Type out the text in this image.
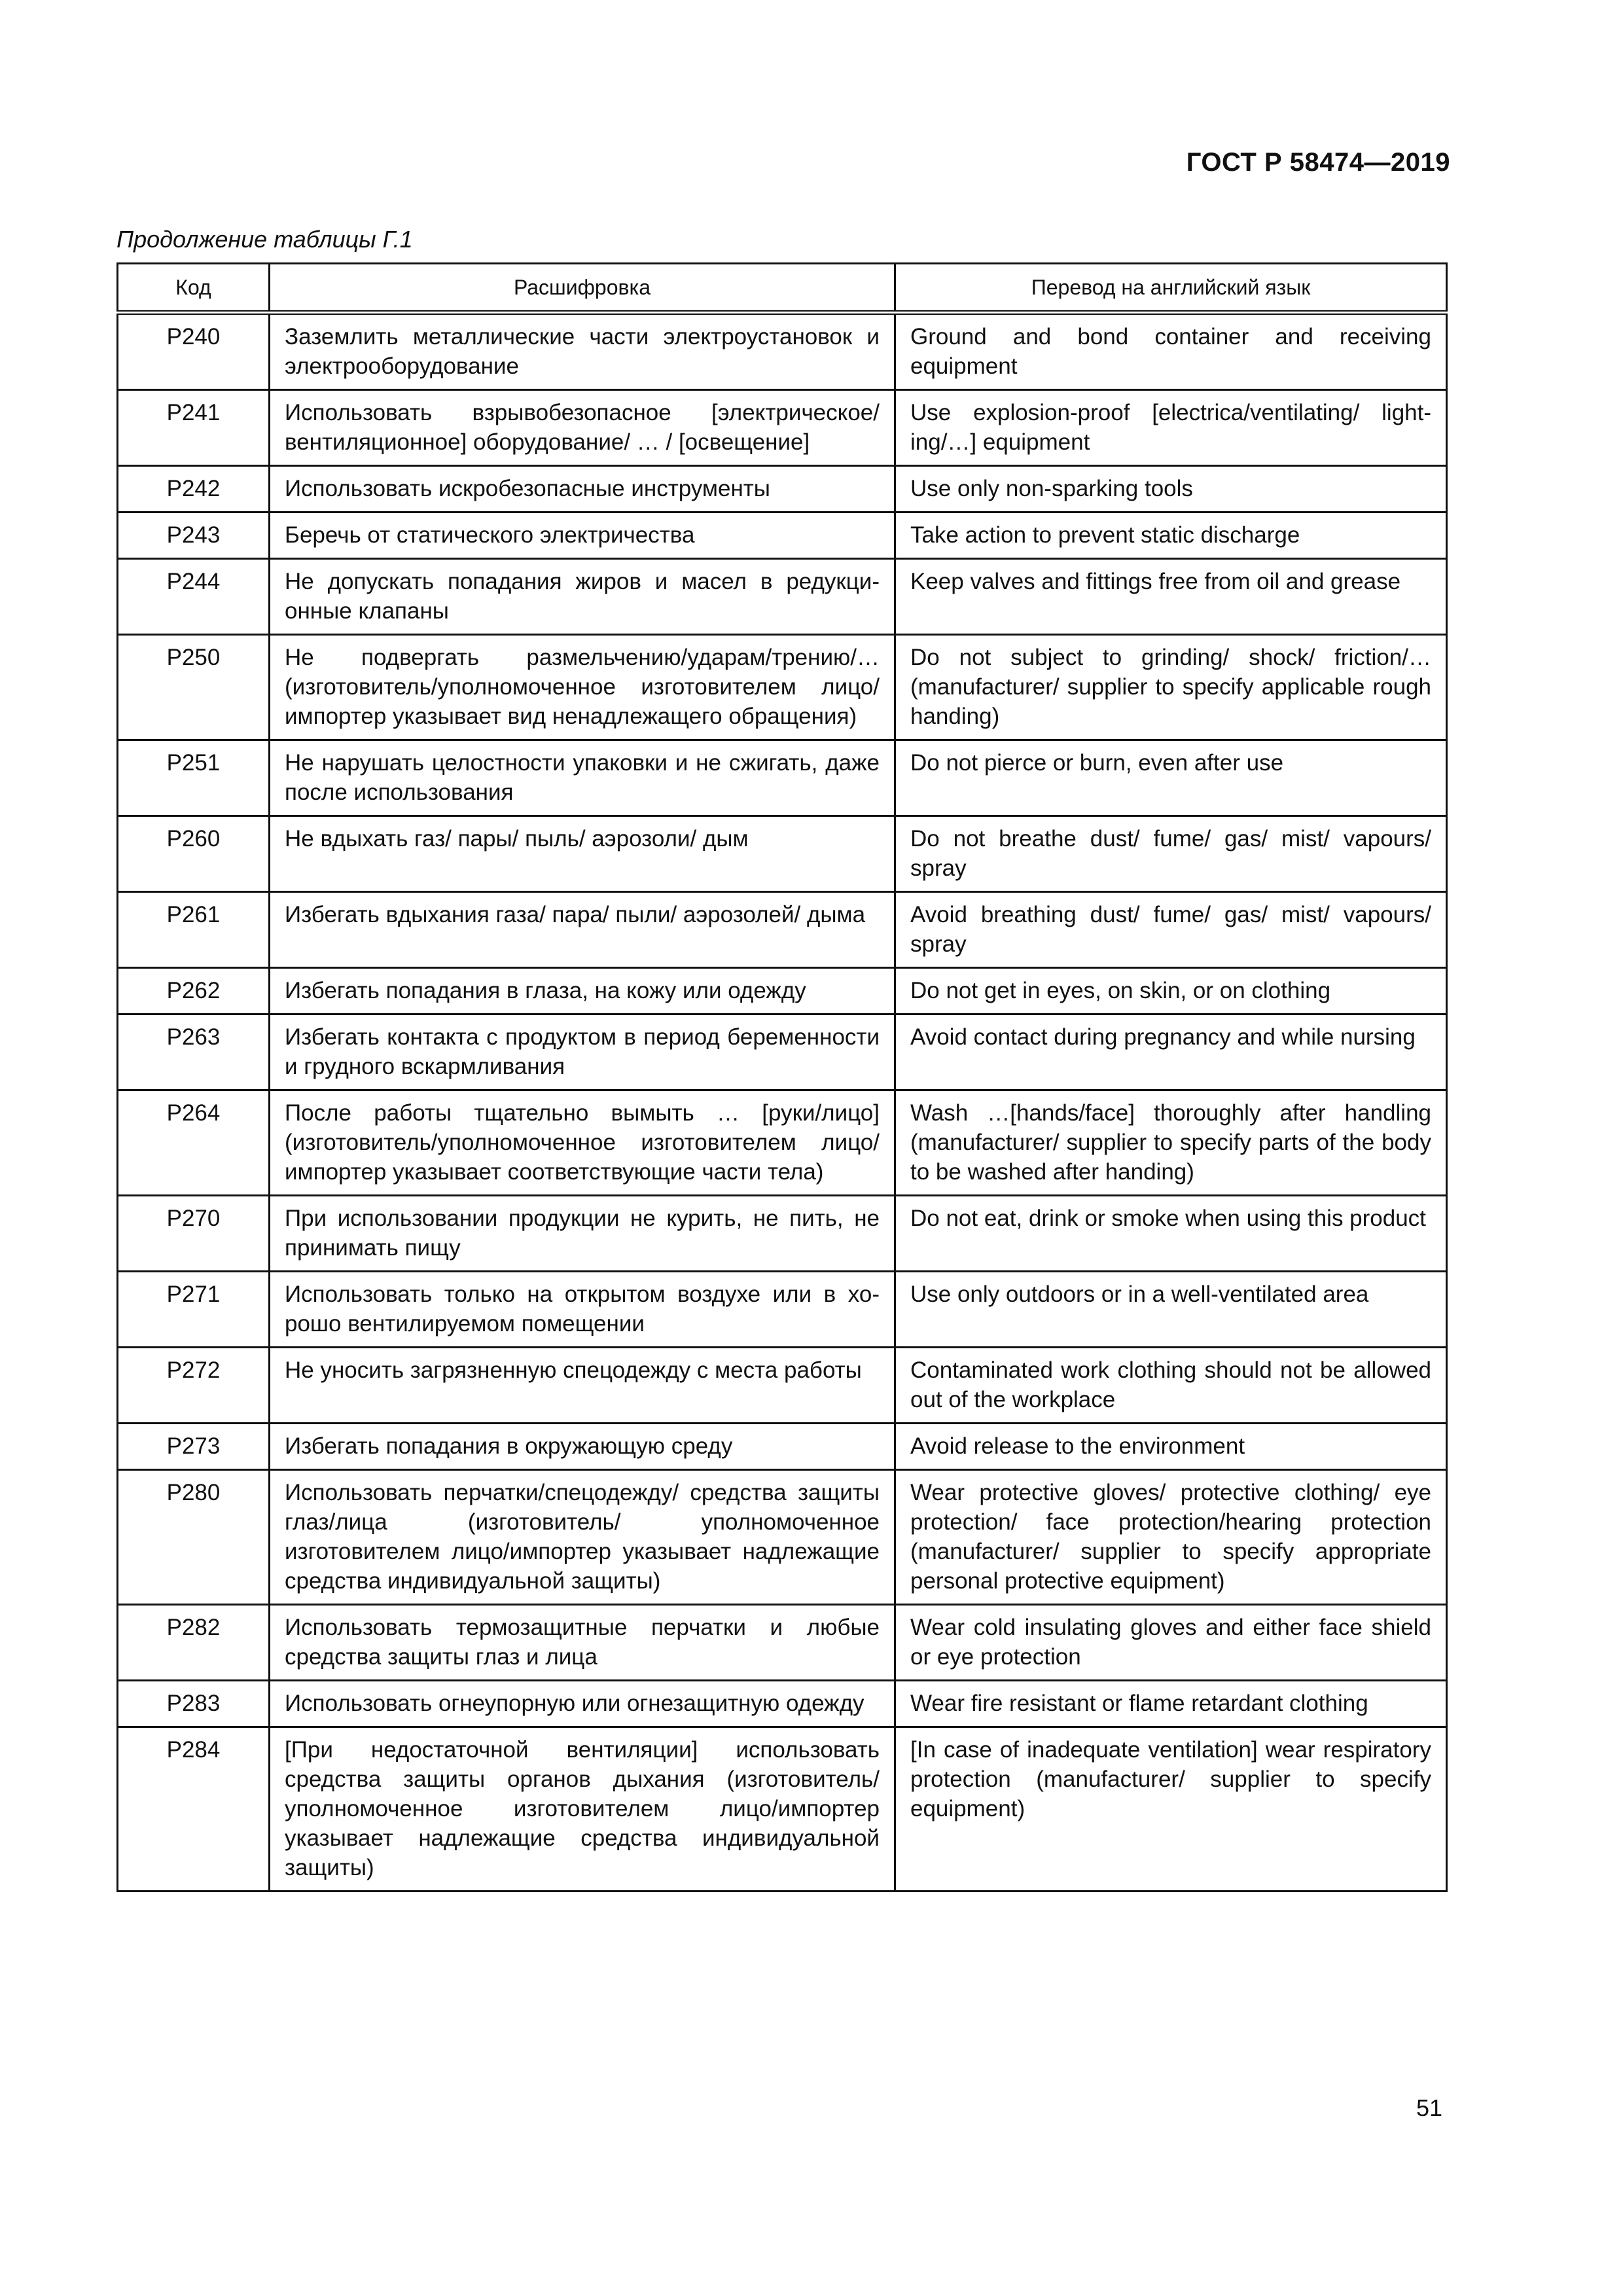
ГОСТ Р 58474—2019
Продолжение таблицы Г.1
Код	Расшифровка	Перевод на английский язык
Р240	Заземлить металлические части электроустановок и электрооборудование	Ground and bond container and receiving equipment
Р241	Использовать взрывобезопасное [электрическое/ вентиляционное] оборудование/ … / [освещение]	Use explosion-proof [electrica/ventilating/ lighting/…] equipment
Р242	Использовать искробезопасные инструменты	Use only non-sparking tools
Р243	Беречь от статического электричества	Take action to prevent static discharge
Р244	Не допускать попадания жиров и масел в редукционные клапаны	Keep valves and fittings free from oil and grease
Р250	Не подвергать размельчению/ударам/трению/… (изготовитель/уполномоченное изготовителем лицо/импортер указывает вид ненадлежащего обращения)	Do not subject to grinding/ shock/ friction/… (manufacturer/ supplier to specify applicable rough handing)
Р251	Не нарушать целостности упаковки и не сжигать, даже после использования	Do not pierce or burn, even after use
Р260	Не вдыхать газ/ пары/ пыль/ аэрозоли/ дым	Do not breathe dust/ fume/ gas/ mist/ vapours/ spray
Р261	Избегать вдыхания газа/ пара/ пыли/ аэрозолей/ дыма	Avoid breathing dust/ fume/ gas/ mist/ vapours/ spray
Р262	Избегать попадания в глаза, на кожу или одежду	Do not get in eyes, on skin, or on clothing
Р263	Избегать контакта с продуктом в период беременности и грудного вскармливания	Avoid contact during pregnancy and while nursing
Р264	После работы тщательно вымыть … [руки/лицо] (изготовитель/уполномоченное изготовителем лицо/импортер указывает соответствующие части тела)	Wash …[hands/face] thoroughly after handling (manufacturer/ supplier to specify parts of the body to be washed after handing)
Р270	При использовании продукции не курить, не пить, не принимать пищу	Do not eat, drink or smoke when using this product
Р271	Использовать только на открытом воздухе или в хорошо вентилируемом помещении	Use only outdoors or in a well-ventilated area
Р272	Не уносить загрязненную спецодежду с места работы	Contaminated work clothing should not be allowed out of the workplace
Р273	Избегать попадания в окружающую среду	Avoid release to the environment
Р280	Использовать перчатки/спецодежду/ средства защиты глаз/лица (изготовитель/ уполномоченное изготовителем лицо/импортер указывает надлежащие средства индивидуальной защиты)	Wear protective gloves/ protective clothing/ eye protection/ face protection/hearing protection (manufacturer/ supplier to specify appropriate personal protective equipment)
Р282	Использовать термозащитные перчатки и любые средства защиты глаз и лица	Wear cold insulating gloves and either face shield or eye protection
Р283	Использовать огнеупорную или огнезащитную одежду	Wear fire resistant or flame retardant clothing
Р284	[При недостаточной вентиляции] использовать средства защиты органов дыхания (изготовитель/ уполномоченное изготовителем лицо/импортер указывает надлежащие средства индивидуальной защиты)	[In case of inadequate ventilation] wear respiratory protection (manufacturer/ supplier to specify equipment)
51
